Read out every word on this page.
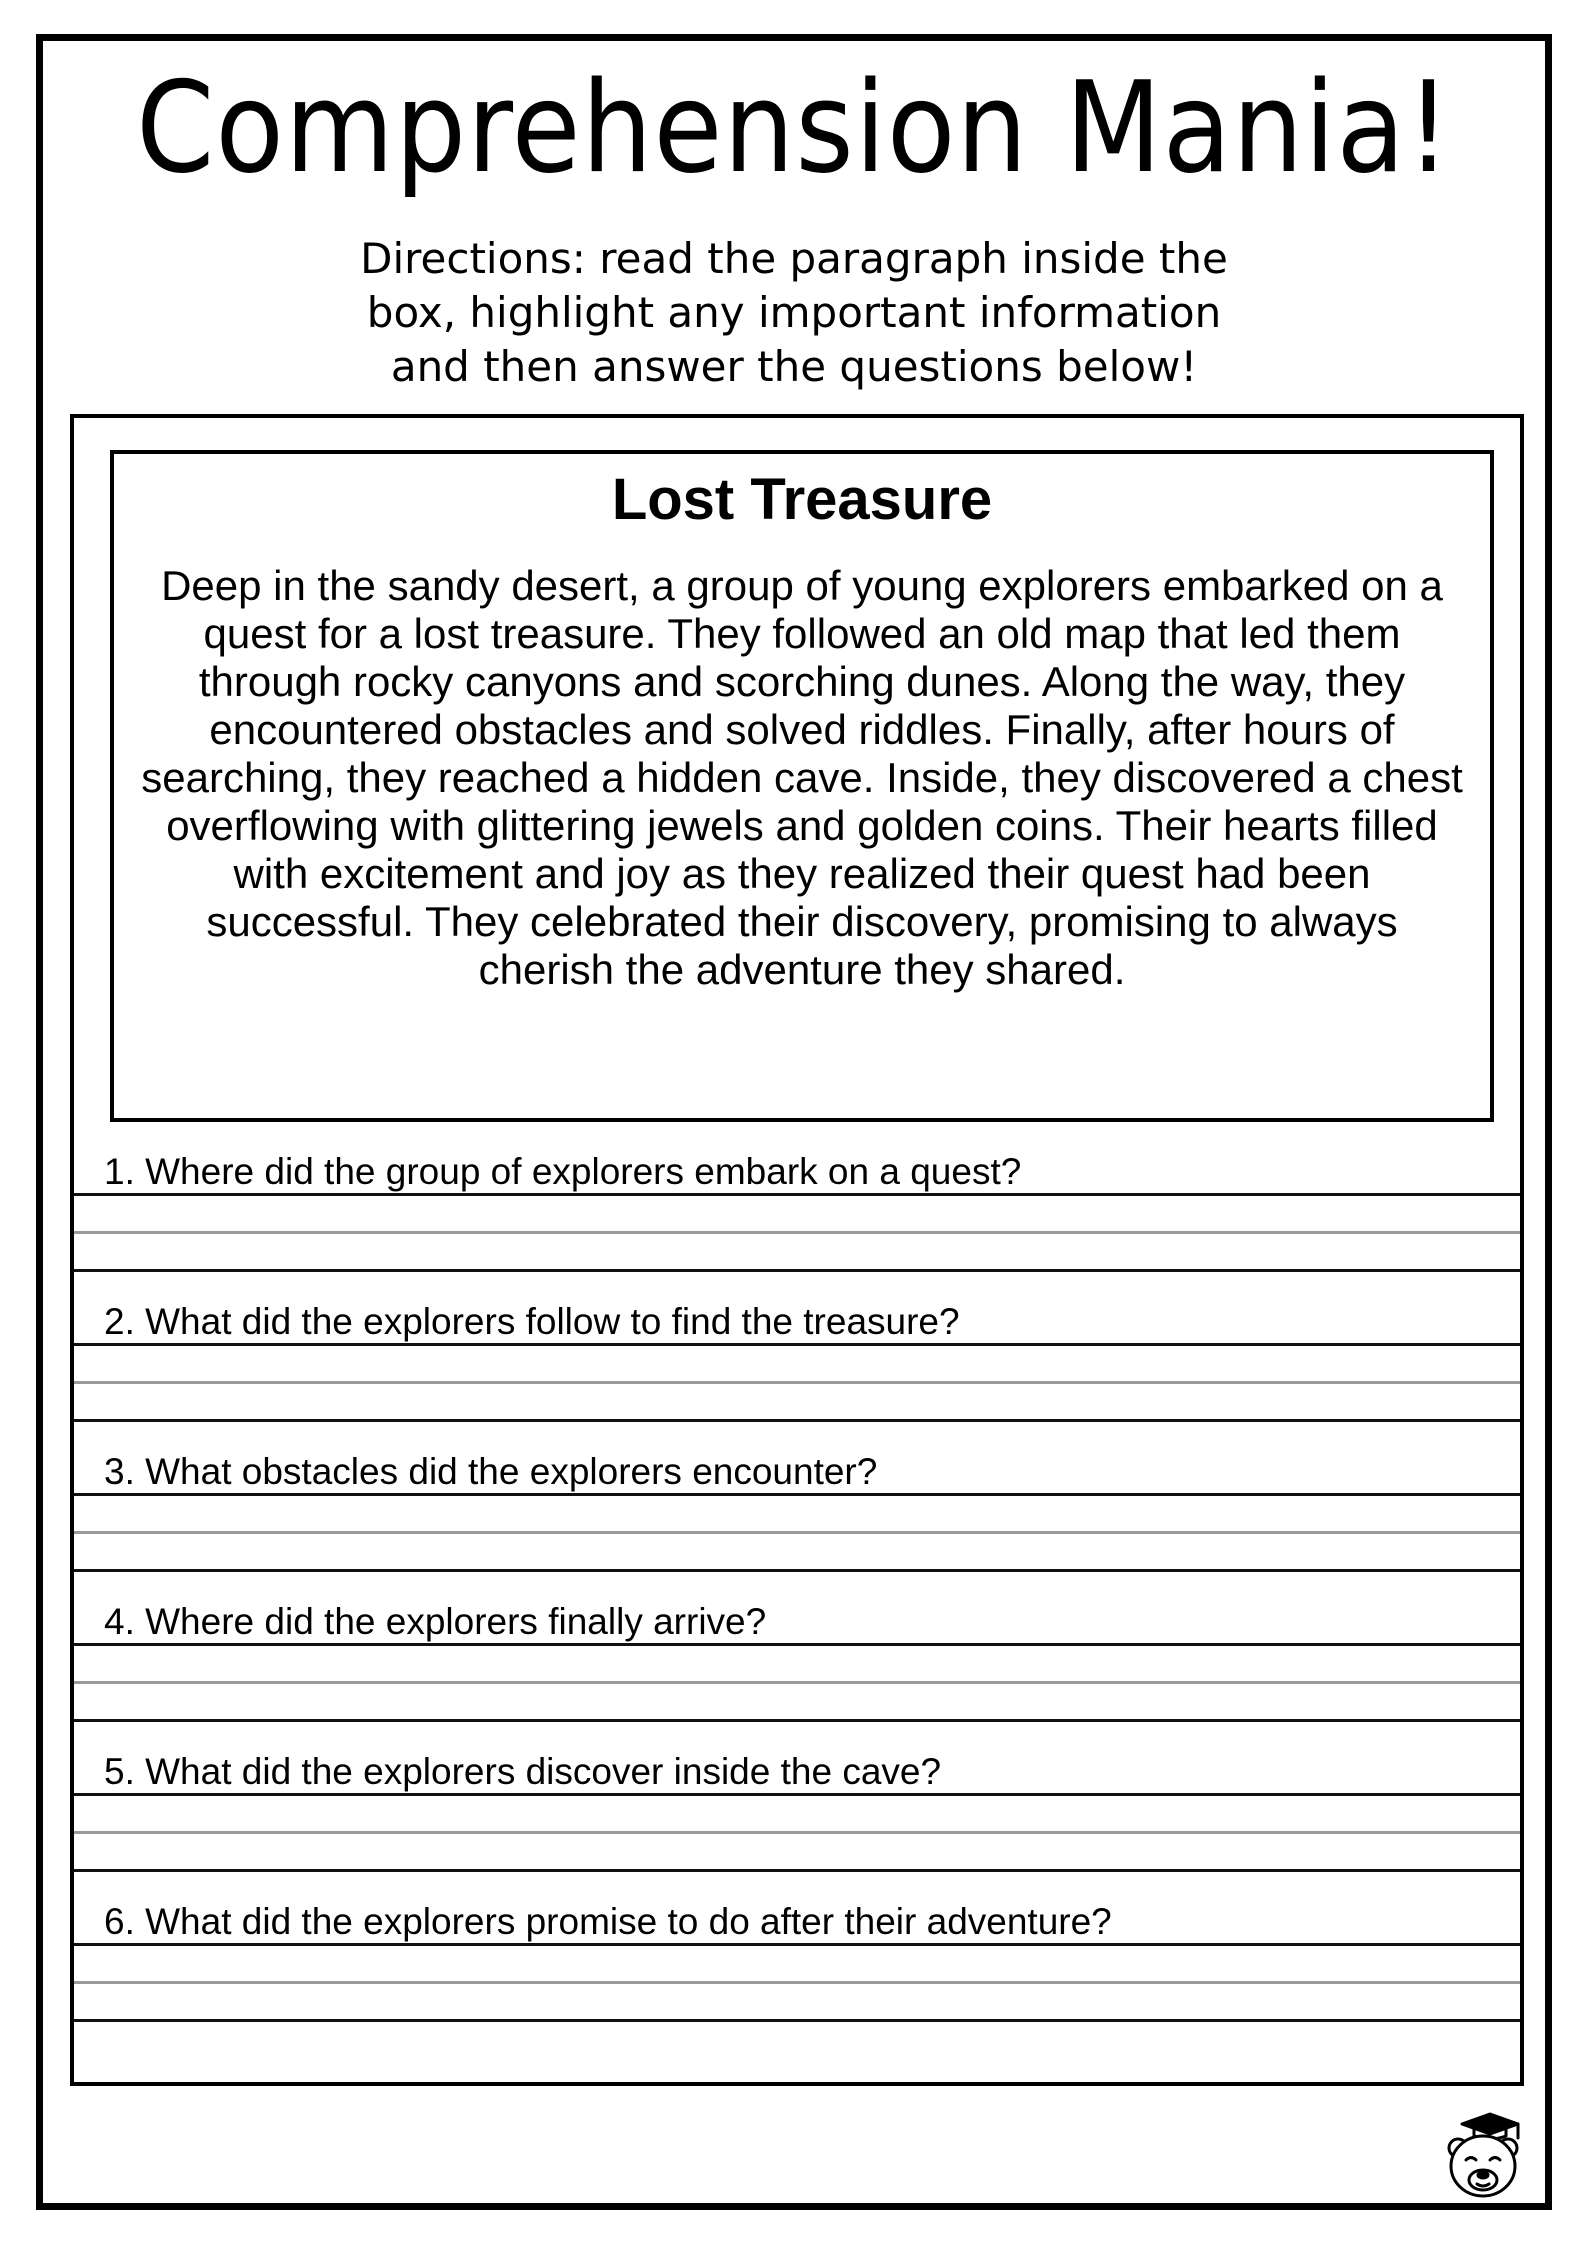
Comprehension Mania!
Directions: read the paragraph inside the box, highlight any important information and then answer the questions below!
Lost Treasure
Deep in the sandy desert, a group of young explorers embarked on a quest for a lost treasure. They followed an old map that led them through rocky canyons and scorching dunes. Along the way, they encountered obstacles and solved riddles. Finally, after hours of searching, they reached a hidden cave. Inside, they discovered a chest overflowing with glittering jewels and golden coins. Their hearts filled with excitement and joy as they realized their quest had been successful. They celebrated their discovery, promising to always cherish the adventure they shared.
1. Where did the group of explorers embark on a quest?
2. What did the explorers follow to find the treasure?
3. What obstacles did the explorers encounter?
4. Where did the explorers finally arrive?
5. What did the explorers discover inside the cave?
6. What did the explorers promise to do after their adventure?
